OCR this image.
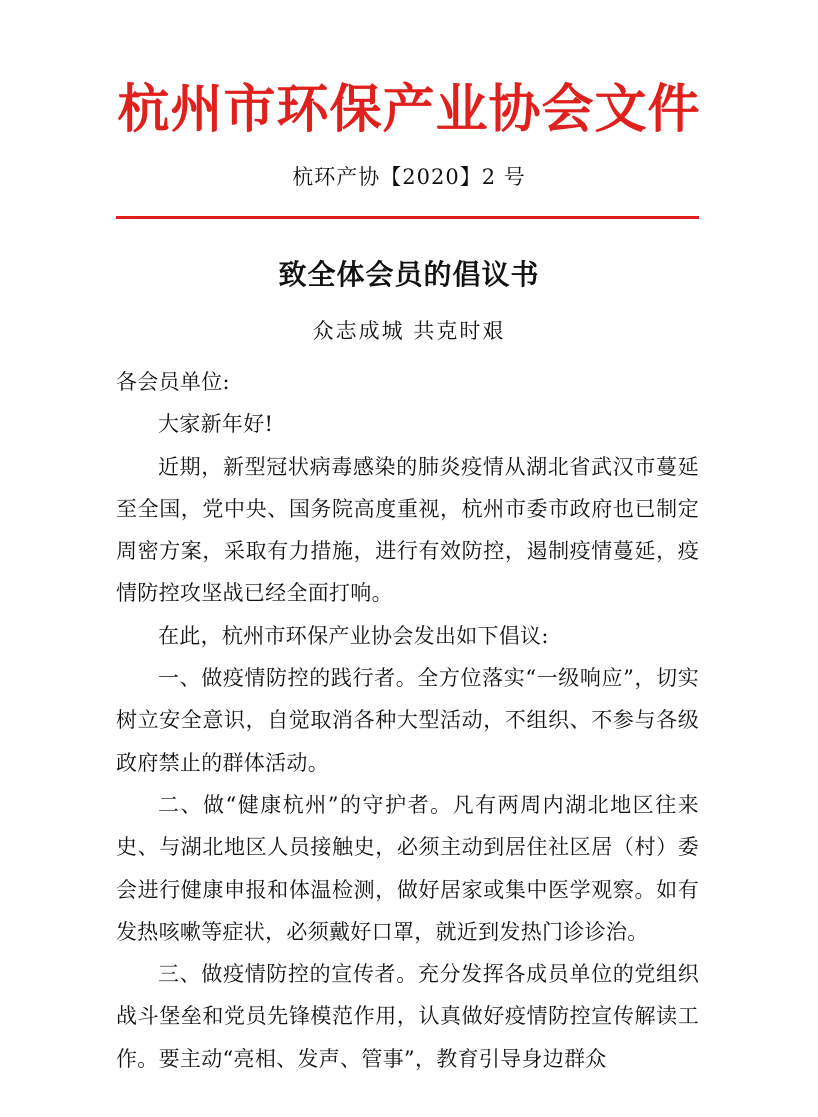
杭州市环保产业协会文件
杭环产协【2020】2 号
致全体会员的倡议书
众志成城 共克时艰

各会员单位:

大家新年好!

近期，新型冠状病毒感染的肺炎疫情从湖北省武汉市蔓延至全国，党中央、国务院高度重视，杭州市委市政府也已制定周密方案，采取有力措施，进行有效防控，遏制疫情蔓延，疫情防控攻坚战已经全面打响。

在此，杭州市环保产业协会发出如下倡议:

一、做疫情防控的践行者。全方位落实“一级响应”，切实树立安全意识，自觉取消各种大型活动，不组织、不参与各级政府禁止的群体活动。

二、做“健康杭州”的守护者。凡有两周内湖北地区往来史、与湖北地区人员接触史，必须主动到居住社区居（村）委会进行健康申报和体温检测，做好居家或集中医学观察。如有发热咳嗽等症状，必须戴好口罩，就近到发热门诊诊治。

三、做疫情防控的宣传者。充分发挥各成员单位的党组织战斗堡垒和党员先锋模范作用，认真做好疫情防控宣传解读工作。要主动“亮相、发声、管事”，教育引导身边群众
